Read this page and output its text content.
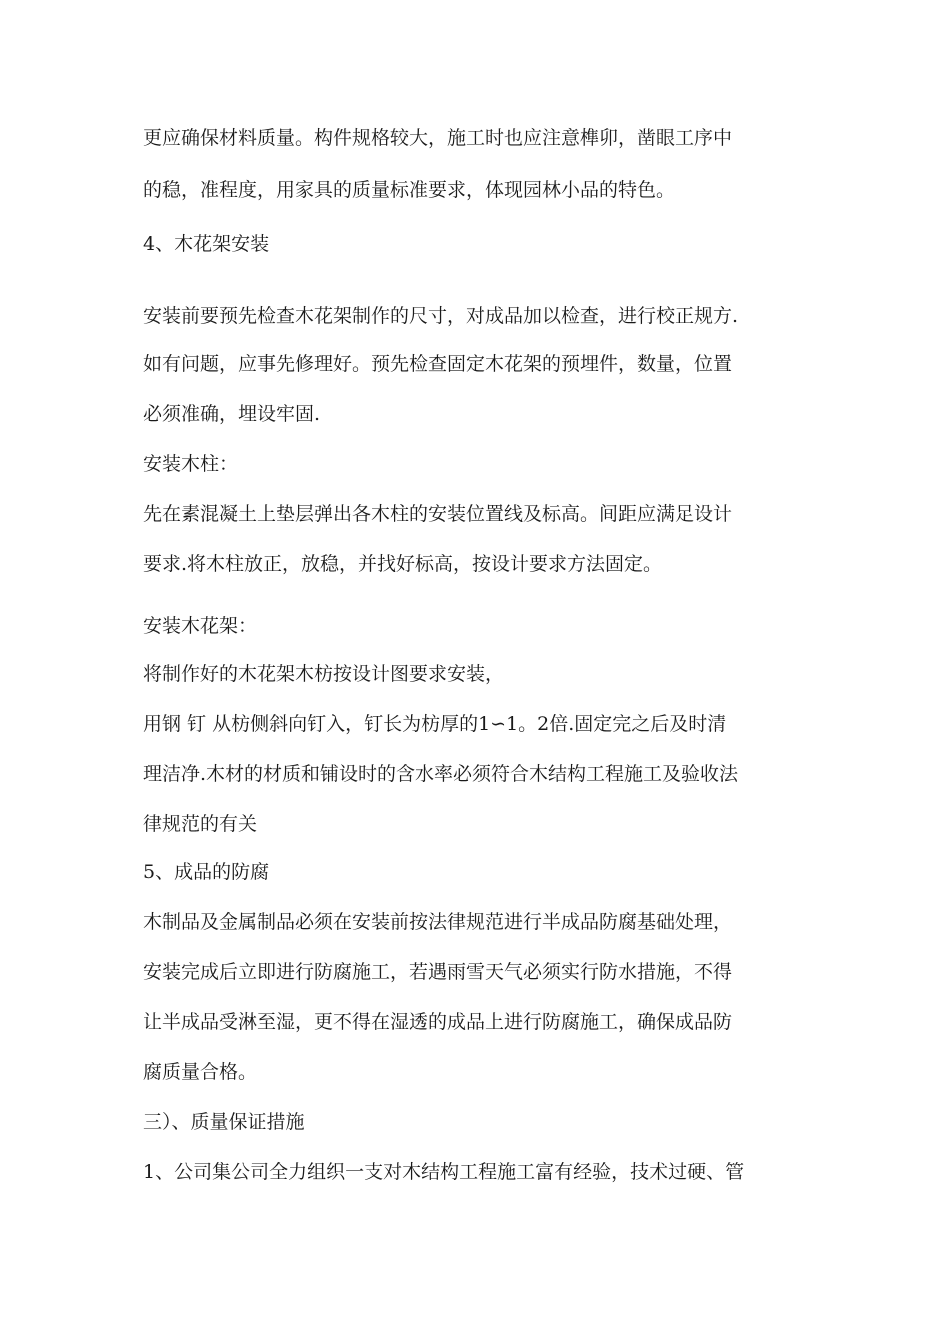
更应确保材料质量。构件规格较大，施工时也应注意榫卯，凿眼工序中
的稳，准程度，用家具的质量标准要求，体现园林小品的特色。
4、木花架安装
安装前要预先检查木花架制作的尺寸，对成品加以检查，进行校正规方.
如有问题，应事先修理好。预先检查固定木花架的预埋件，数量，位置
必须准确，埋设牢固.
安装木柱：
先在素混凝土上垫层弹出各木柱的安装位置线及标高。间距应满足设计
要求.将木柱放正，放稳，并找好标高，按设计要求方法固定。
安装木花架：
将制作好的木花架木枋按设计图要求安装，
用钢 钉 从枋侧斜向钉入，钉长为枋厚的1∽1。2倍.固定完之后及时清
理洁净.木材的材质和铺设时的含水率必须符合木结构工程施工及验收法
律规范的有关
5、成品的防腐
木制品及金属制品必须在安装前按法律规范进行半成品防腐基础处理，
安装完成后立即进行防腐施工，若遇雨雪天气必须实行防水措施，不得
让半成品受淋至湿，更不得在湿透的成品上进行防腐施工，确保成品防
腐质量合格。
三）、质量保证措施
1、公司集公司全力组织一支对木结构工程施工富有经验，技术过硬、管
